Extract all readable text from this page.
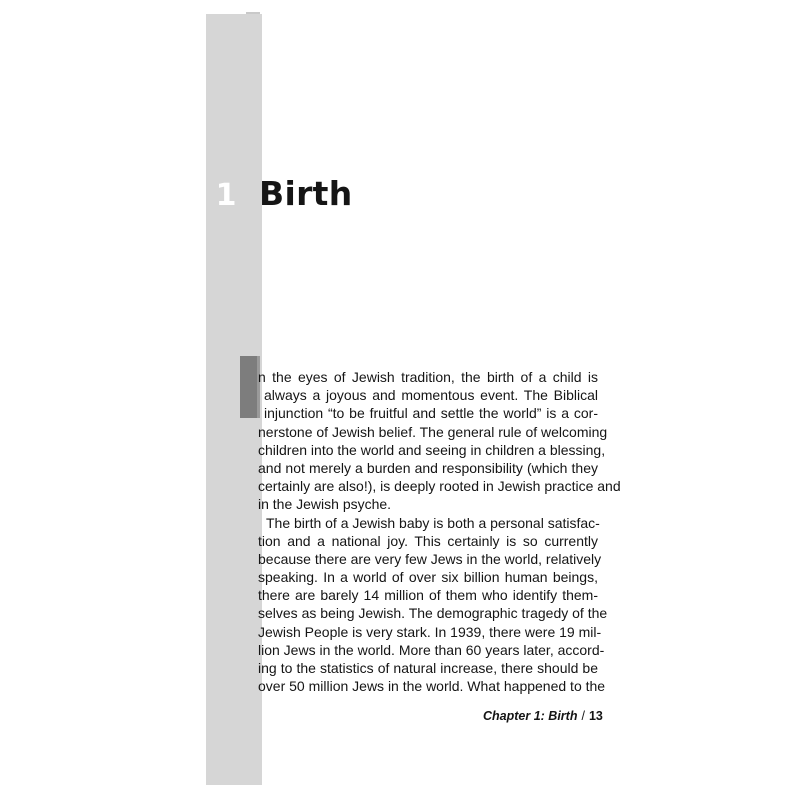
1 Birth
n the eyes of Jewish tradition, the birth of a child is
always a joyous and momentous event. The Biblical
injunction “to be fruitful and settle the world” is a cor-
nerstone of Jewish belief. The general rule of welcoming
children into the world and seeing in children a blessing,
and not merely a burden and responsibility (which they
certainly are also!), is deeply rooted in Jewish practice and
in the Jewish psyche.
The birth of a Jewish baby is both a personal satisfac-
tion and a national joy. This certainly is so currently
because there are very few Jews in the world, relatively
speaking. In a world of over six billion human beings,
there are barely 14 million of them who identify them-
selves as being Jewish. The demographic tragedy of the
Jewish People is very stark. In 1939, there were 19 mil-
lion Jews in the world. More than 60 years later, accord-
ing to the statistics of natural increase, there should be
over 50 million Jews in the world. What happened to the
Chapter 1: Birth / 13
